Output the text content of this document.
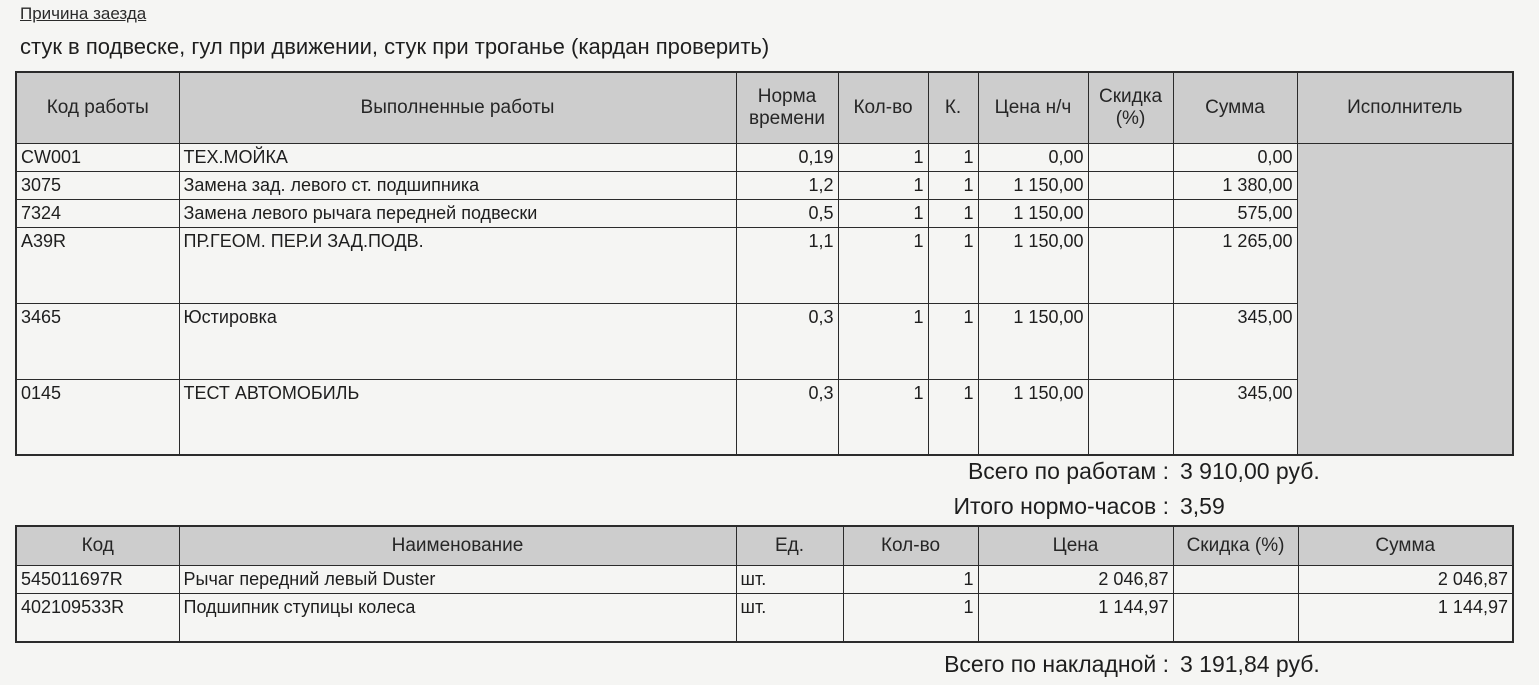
Причина заезда
стук в подвеске, гул при движении, стук при троганье (кардан проверить)
Код работы	Выполненные работы	Норма времени	Кол-во	К.	Цена н/ч	Скидка (%)	Сумма	Исполнитель
CW001	ТЕХ.МОЙКА	0,19	1	1	0,00		0,00	
3075	Замена зад. левого ст. подшипника	1,2	1	1	1 150,00		1 380,00	
7324	Замена левого рычага передней подвески	0,5	1	1	1 150,00		575,00	
A39R	ПР.ГЕОМ. ПЕР.И ЗАД.ПОДВ.	1,1	1	1	1 150,00		1 265,00	
3465	Юстировка	0,3	1	1	1 150,00		345,00	
0145	ТЕСТ АВТОМОБИЛЬ	0,3	1	1	1 150,00		345,00	
Всего по работам : 3 910,00 руб.
Итого нормо-часов : 3,59
Код	Наименование	Ед.	Кол-во	Цена	Скидка (%)	Сумма
545011697R	Рычаг передний левый Duster	шт.	1	2 046,87		2 046,87
402109533R	Подшипник ступицы колеса	шт.	1	1 144,97		1 144,97
Всего по накладной : 3 191,84 руб.
